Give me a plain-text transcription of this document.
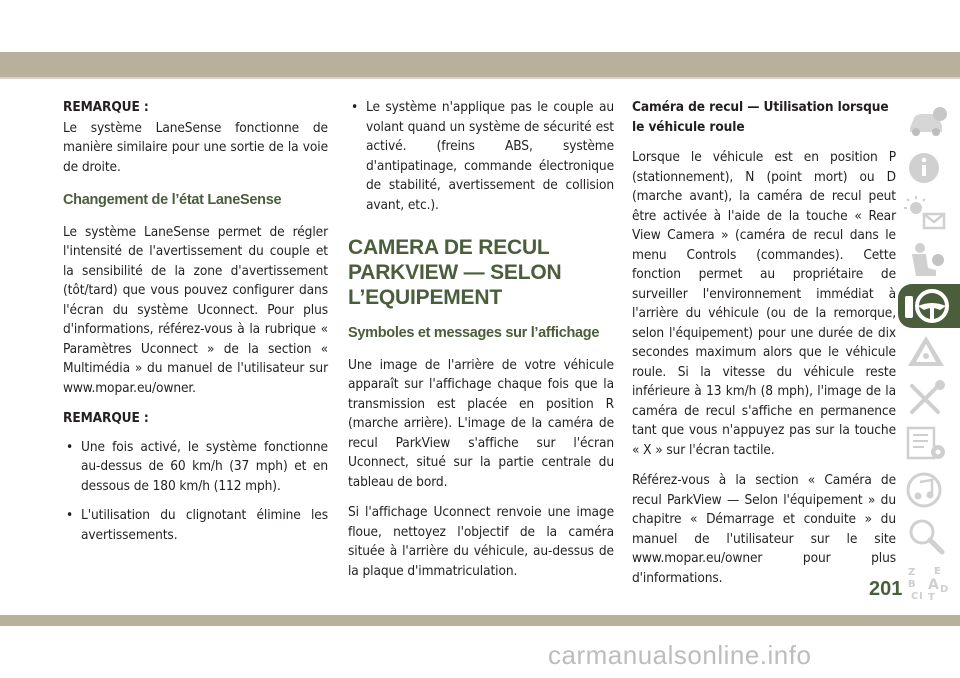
REMARQUE :

Le système LaneSense fonctionne de manière similaire pour une sortie de la voie de droite.

Changement de l’état LaneSense

Le système LaneSense permet de régler l'intensité de l'avertissement du couple et la sensibilité de la zone d'avertissement (tôt/tard) que vous pouvez configurer dans l'écran du système Uconnect. Pour plus d'informations, référez-vous à la rubrique « Paramètres Uconnect » de la section « Multimédia » du manuel de l'utilisateur sur www.mopar.eu/owner.

REMARQUE :

• Une fois activé, le système fonctionne au-dessus de 60 km/h (37 mph) et en dessous de 180 km/h (112 mph).
• L'utilisation du clignotant élimine les avertissements.
• Le système n'applique pas le couple au volant quand un système de sécurité est activé. (freins ABS, système d'antipatinage, commande électronique de stabilité, avertissement de collision avant, etc.).

CAMERA DE RECUL PARKVIEW — SELON L’EQUIPEMENT

Symboles et messages sur l’affichage

Une image de l'arrière de votre véhicule apparaît sur l'affichage chaque fois que la transmission est placée en position R (marche arrière). L'image de la caméra de recul ParkView s'affiche sur l'écran Uconnect, situé sur la partie centrale du tableau de bord.

Si l'affichage Uconnect renvoie une image floue, nettoyez l'objectif de la caméra située à l'arrière du véhicule, au-dessus de la plaque d'immatriculation.

Caméra de recul — Utilisation lorsque le véhicule roule

Lorsque le véhicule est en position P (stationnement), N (point mort) ou D (marche avant), la caméra de recul peut être activée à l'aide de la touche « Rear View Camera » (caméra de recul dans le menu Controls (commandes). Cette fonction permet au propriétaire de surveiller l'environnement immédiat à l'arrière du véhicule (ou de la remorque, selon l'équipement) pour une durée de dix secondes maximum alors que le véhicule roule. Si la vitesse du véhicule reste inférieure à 13 km/h (8 mph), l'image de la caméra de recul s'affiche en permanence tant que vous n'appuyez pas sur la touche « X » sur l'écran tactile.

Référez-vous à la section « Caméra de recul ParkView — Selon l'équipement » du chapitre « Démarrage et conduite » du manuel de l'utilisateur sur le site www.mopar.eu/owner pour plus d'informations.	Z E
B A
C
D
I T
201
carmanualsonline.info
